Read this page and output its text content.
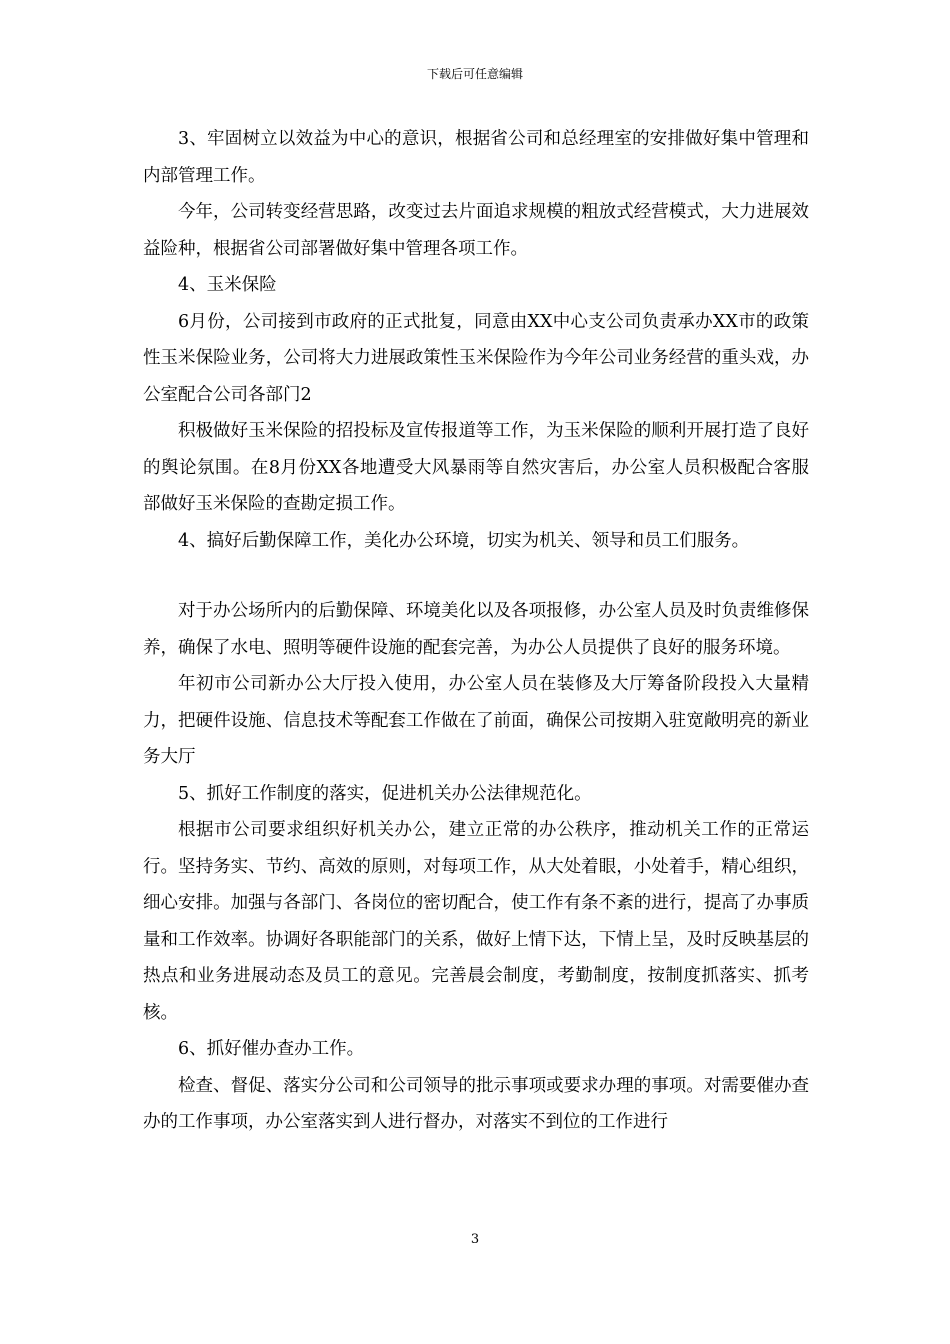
下载后可任意编辑

3、牢固树立以效益为中心的意识，根据省公司和总经理室的安排做好集中管理和内部管理工作。

今年，公司转变经营思路，改变过去片面追求规模的粗放式经营模式，大力进展效益险种，根据省公司部署做好集中管理各项工作。

4、玉米保险

6月份，公司接到市政府的正式批复，同意由XX中心支公司负责承办XX市的政策性玉米保险业务，公司将大力进展政策性玉米保险作为今年公司业务经营的重头戏，办公室配合公司各部门2

积极做好玉米保险的招投标及宣传报道等工作，为玉米保险的顺利开展打造了良好的舆论氛围。在8月份XX各地遭受大风暴雨等自然灾害后，办公室人员积极配合客服部做好玉米保险的查勘定损工作。

4、搞好后勤保障工作，美化办公环境，切实为机关、领导和员工们服务。

对于办公场所内的后勤保障、环境美化以及各项报修，办公室人员及时负责维修保养，确保了水电、照明等硬件设施的配套完善，为办公人员提供了良好的服务环境。

年初市公司新办公大厅投入使用，办公室人员在装修及大厅筹备阶段投入大量精力，把硬件设施、信息技术等配套工作做在了前面，确保公司按期入驻宽敞明亮的新业务大厅

5、抓好工作制度的落实，促进机关办公法律规范化。

根据市公司要求组织好机关办公，建立正常的办公秩序，推动机关工作的正常运行。坚持务实、节约、高效的原则，对每项工作，从大处着眼，小处着手，精心组织，细心安排。加强与各部门、各岗位的密切配合，使工作有条不紊的进行，提高了办事质量和工作效率。协调好各职能部门的关系，做好上情下达，下情上呈，及时反映基层的热点和业务进展动态及员工的意见。完善晨会制度，考勤制度，按制度抓落实、抓考核。

6、抓好催办查办工作。

检查、督促、落实分公司和公司领导的批示事项或要求办理的事项。对需要催办查办的工作事项，办公室落实到人进行督办，对落实不到位的工作进行

3
